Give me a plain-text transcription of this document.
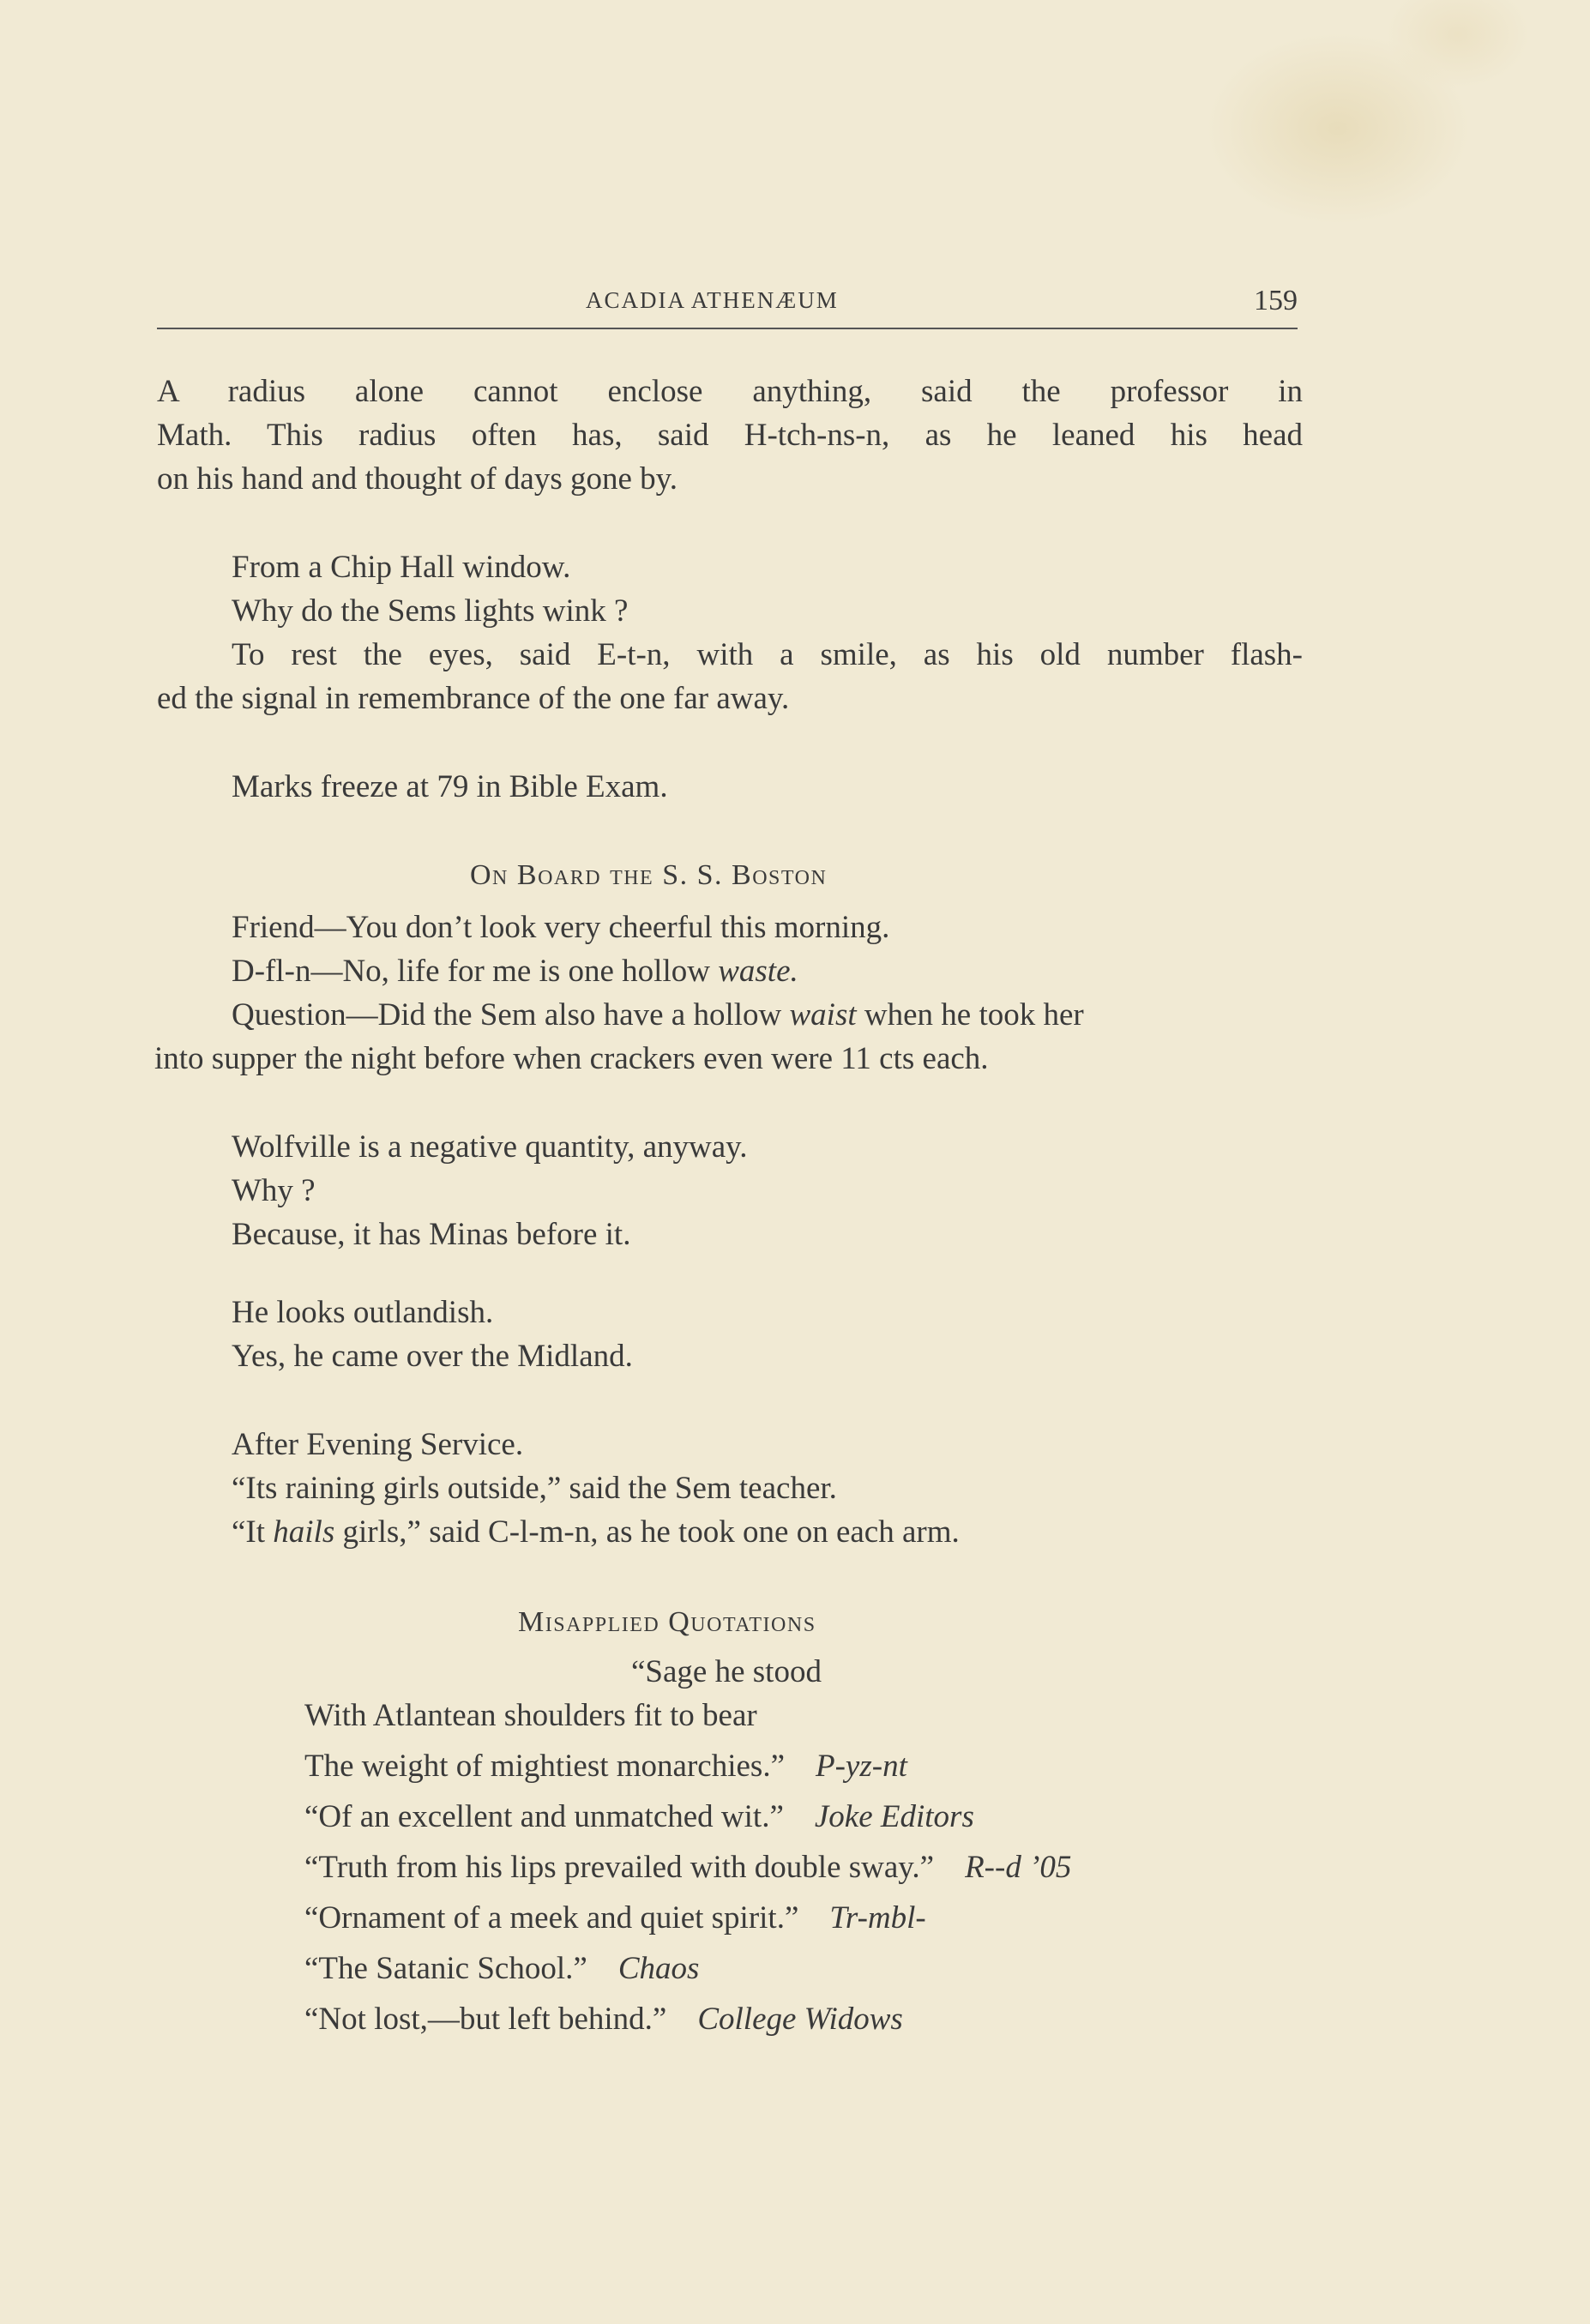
ACADIA ATHENÆUM	159
A radius alone cannot enclose anything, said the professor in
Math. This radius often has, said H-tch-ns-n, as he leaned his head
on his hand and thought of days gone by.
From a Chip Hall window.
Why do the Sems lights wink ?
To rest the eyes, said E-t-n, with a smile, as his old number flash-
ed the signal in remembrance of the one far away.
Marks freeze at 79 in Bible Exam.
On Board the S. S. Boston
Friend—You don’t look very cheerful this morning.
D-fl-n—No, life for me is one hollow waste.
Question—Did the Sem also have a hollow waist when he took her
into supper the night before when crackers even were 11 cts each.
Wolfville is a negative quantity, anyway.
Why ?
Because, it has Minas before it.
He looks outlandish.
Yes, he came over the Midland.
After Evening Service.
“Its raining girls outside,” said the Sem teacher.
“It hails girls,” said C-l-m-n, as he took one on each arm.
Misapplied Quotations
“Sage he stood
With Atlantean shoulders fit to bear
The weight of mightiest monarchies.” P-yz-nt
“Of an excellent and unmatched wit.” Joke Editors
“Truth from his lips prevailed with double sway.” R--d ’05
“Ornament of a meek and quiet spirit.” Tr-mbl-
“The Satanic School.” Chaos
“Not lost,—but left behind.” College Widows
